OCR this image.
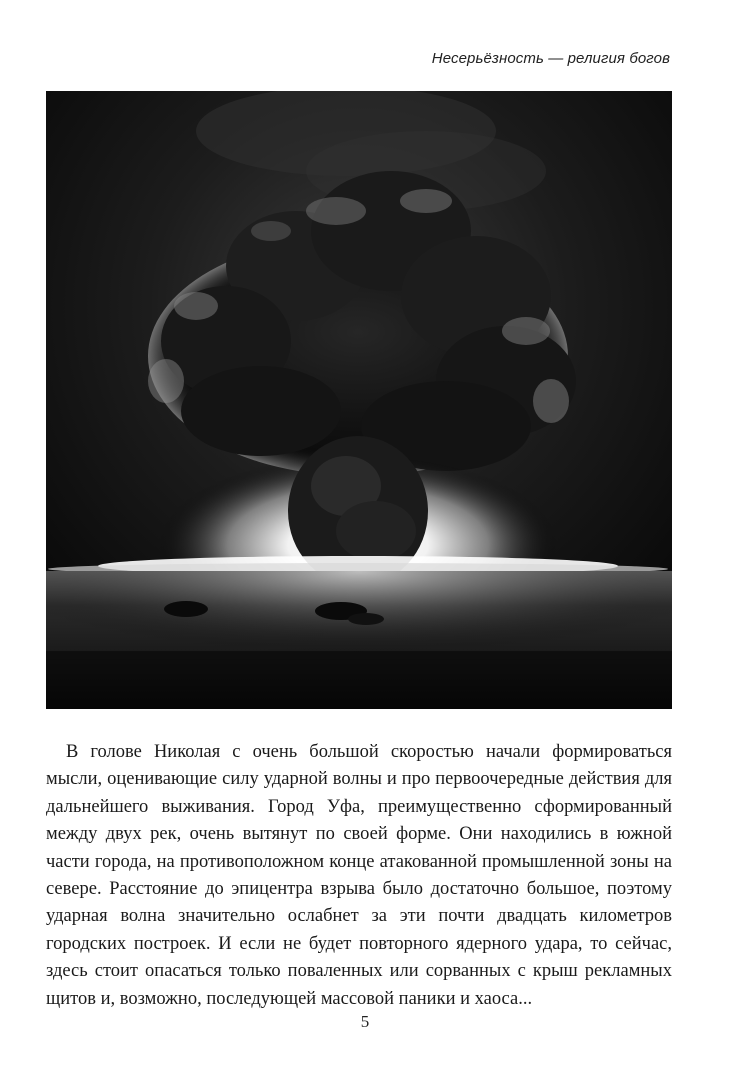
Несерьёзность — религия богов

В голове Николая с очень большой скоростью начали формироваться мысли, оценивающие силу ударной волны и про первоочередные действия для дальнейшего выживания. Город Уфа, преимущественно сформированный между двух рек, очень вытянут по своей форме. Они находились в южной части города, на противоположном конце атакованной промышленной зоны на севере. Расстояние до эпицентра взрыва было достаточно большое, поэтому ударная волна значительно ослабнет за эти почти двадцать километров городских построек. И если не будет повторного ядерного удара, то сейчас, здесь стоит опасаться только поваленных или сорванных с крыш рекламных щитов и, возможно, последующей массовой паники и хаоса...

5
